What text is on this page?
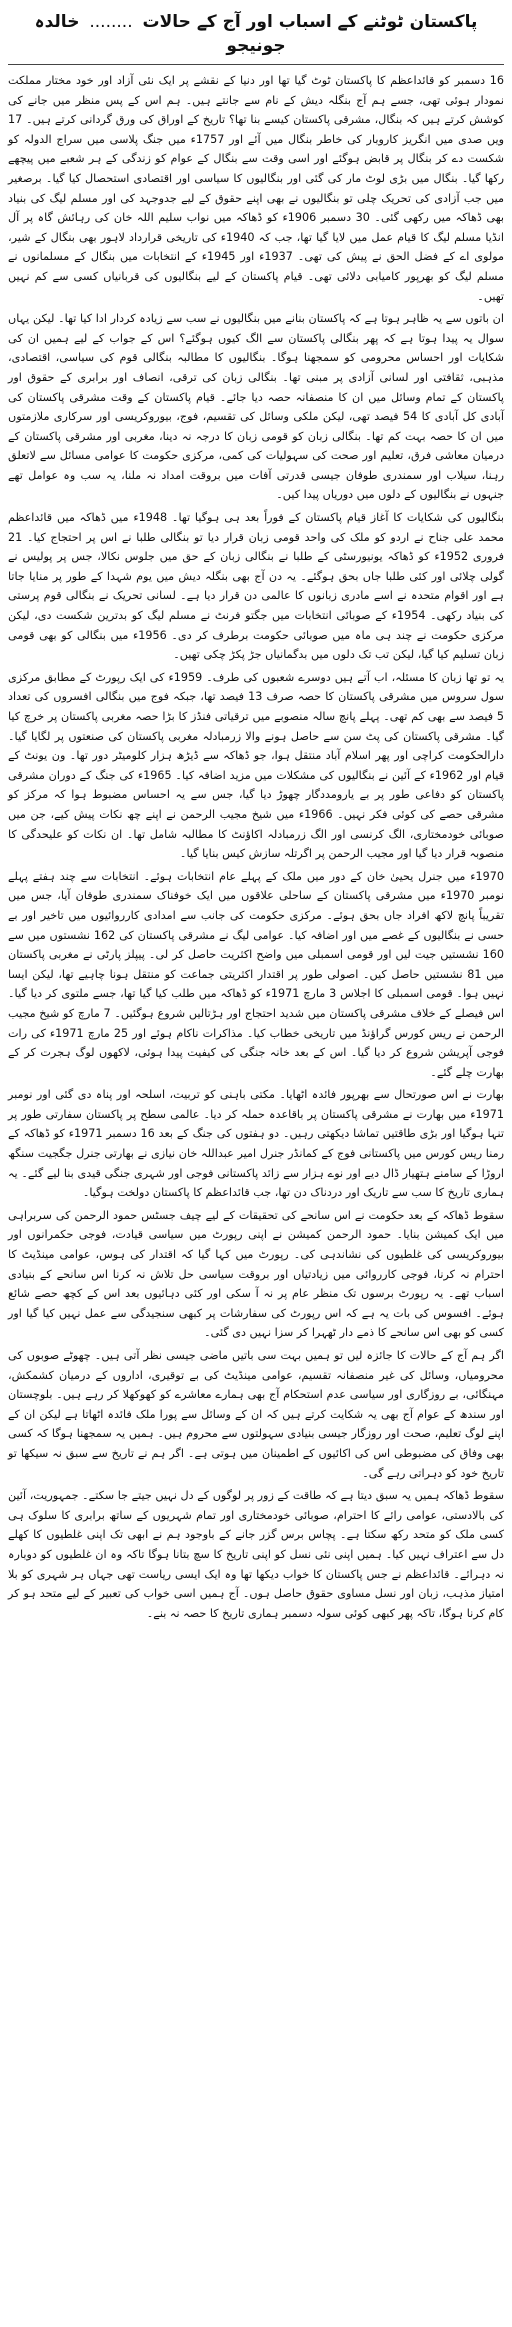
پاکستان ٹوٹنے کے اسباب اور آج کے حالات ........ خالدہ جونیجو

16 دسمبر کو قائداعظم کا پاکستان ٹوٹ گیا تھا اور دنیا کے نقشے پر ایک نئی آزاد اور خود مختار مملکت نمودار ہوئی تھی، جسے ہم آج بنگلہ دیش کے نام سے جانتے ہیں۔ ہم اس کے پس منظر میں جانے کی کوشش کرتے ہیں کہ بنگال، مشرقی پاکستان کیسے بنا تھا؟ تاریخ کے اوراق کی ورق گردانی کرتے ہیں۔ 17 ویں صدی میں انگریز کاروبار کی خاطر بنگال میں آئے اور 1757ء میں جنگ پلاسی میں سراج الدولہ کو شکست دے کر بنگال پر قابض ہوگئے اور اسی وقت سے بنگال کے عوام کو زندگی کے ہر شعبے میں پیچھے رکھا گیا۔ بنگال میں بڑی لوٹ مار کی گئی اور بنگالیوں کا سیاسی اور اقتصادی استحصال کیا گیا۔ برصغیر میں جب آزادی کی تحریک چلی تو بنگالیوں نے بھی اپنے حقوق کے لیے جدوجہد کی اور مسلم لیگ کی بنیاد بھی ڈھاکہ میں رکھی گئی۔ 30 دسمبر 1906ء کو ڈھاکہ میں نواب سلیم اللہ خان کی رہائش گاہ پر آل انڈیا مسلم لیگ کا قیام عمل میں لایا گیا تھا، جب کہ 1940ء کی تاریخی قرارداد لاہور بھی بنگال کے شیر، مولوی اے کے فضل الحق نے پیش کی تھی۔ 1937ء اور 1945ء کے انتخابات میں بنگال کے مسلمانوں نے مسلم لیگ کو بھرپور کامیابی دلائی تھی۔ قیام پاکستان کے لیے بنگالیوں کی قربانیاں کسی سے کم نہیں تھیں۔

ان باتوں سے یہ ظاہر ہوتا ہے کہ پاکستان بنانے میں بنگالیوں نے سب سے زیادہ کردار ادا کیا تھا۔ لیکن یہاں سوال یہ پیدا ہوتا ہے کہ پھر بنگالی پاکستان سے الگ کیوں ہوگئے؟ اس کے جواب کے لیے ہمیں ان کی شکایات اور احساس محرومی کو سمجھنا ہوگا۔ بنگالیوں کا مطالبہ بنگالی قوم کی سیاسی، اقتصادی، مذہبی، ثقافتی اور لسانی آزادی پر مبنی تھا۔ بنگالی زبان کی ترقی، انصاف اور برابری کے حقوق اور پاکستان کے تمام وسائل میں ان کا منصفانہ حصہ دیا جائے۔ قیام پاکستان کے وقت مشرقی پاکستان کی آبادی کل آبادی کا 54 فیصد تھی، لیکن ملکی وسائل کی تقسیم، فوج، بیوروکریسی اور سرکاری ملازمتوں میں ان کا حصہ بہت کم تھا۔ بنگالی زبان کو قومی زبان کا درجہ نہ دینا، مغربی اور مشرقی پاکستان کے درمیان معاشی فرق، تعلیم اور صحت کی سہولیات کی کمی، مرکزی حکومت کا عوامی مسائل سے لاتعلق رہنا، سیلاب اور سمندری طوفان جیسی قدرتی آفات میں بروقت امداد نہ ملنا، یہ سب وہ عوامل تھے جنہوں نے بنگالیوں کے دلوں میں دوریاں پیدا کیں۔

بنگالیوں کی شکایات کا آغاز قیام پاکستان کے فوراً بعد ہی ہوگیا تھا۔ 1948ء میں ڈھاکہ میں قائداعظم محمد علی جناح نے اردو کو ملک کی واحد قومی زبان قرار دیا تو بنگالی طلبا نے اس پر احتجاج کیا۔ 21 فروری 1952ء کو ڈھاکہ یونیورسٹی کے طلبا نے بنگالی زبان کے حق میں جلوس نکالا، جس پر پولیس نے گولی چلائی اور کئی طلبا جاں بحق ہوگئے۔ یہ دن آج بھی بنگلہ دیش میں یوم شہدا کے طور پر منایا جاتا ہے اور اقوام متحدہ نے اسے مادری زبانوں کا عالمی دن قرار دیا ہے۔ لسانی تحریک نے بنگالی قوم پرستی کی بنیاد رکھی۔ 1954ء کے صوبائی انتخابات میں جگتو فرنٹ نے مسلم لیگ کو بدترین شکست دی، لیکن مرکزی حکومت نے چند ہی ماہ میں صوبائی حکومت برطرف کر دی۔ 1956ء میں بنگالی کو بھی قومی زبان تسلیم کیا گیا، لیکن تب تک دلوں میں بدگمانیاں جڑ پکڑ چکی تھیں۔

یہ تو تھا زبان کا مسئلہ، اب آتے ہیں دوسرے شعبوں کی طرف۔ 1959ء کی ایک رپورٹ کے مطابق مرکزی سول سروس میں مشرقی پاکستان کا حصہ صرف 13 فیصد تھا، جبکہ فوج میں بنگالی افسروں کی تعداد 5 فیصد سے بھی کم تھی۔ پہلے پانچ سالہ منصوبے میں ترقیاتی فنڈز کا بڑا حصہ مغربی پاکستان پر خرچ کیا گیا۔ مشرقی پاکستان کی پٹ سن سے حاصل ہونے والا زرمبادلہ مغربی پاکستان کی صنعتوں پر لگایا گیا۔ دارالحکومت کراچی اور پھر اسلام آباد منتقل ہوا، جو ڈھاکہ سے ڈیڑھ ہزار کلومیٹر دور تھا۔ ون یونٹ کے قیام اور 1962ء کے آئین نے بنگالیوں کی مشکلات میں مزید اضافہ کیا۔ 1965ء کی جنگ کے دوران مشرقی پاکستان کو دفاعی طور پر بے یارومددگار چھوڑ دیا گیا، جس سے یہ احساس مضبوط ہوا کہ مرکز کو مشرقی حصے کی کوئی فکر نہیں۔ 1966ء میں شیخ مجیب الرحمن نے اپنے چھ نکات پیش کیے، جن میں صوبائی خودمختاری، الگ کرنسی اور الگ زرمبادلہ اکاؤنٹ کا مطالبہ شامل تھا۔ ان نکات کو علیحدگی کا منصوبہ قرار دیا گیا اور مجیب الرحمن پر اگرتلہ سازش کیس بنایا گیا۔

1970ء میں جنرل یحییٰ خان کے دور میں ملک کے پہلے عام انتخابات ہوئے۔ انتخابات سے چند ہفتے پہلے نومبر 1970ء میں مشرقی پاکستان کے ساحلی علاقوں میں ایک خوفناک سمندری طوفان آیا، جس میں تقریباً پانچ لاکھ افراد جاں بحق ہوئے۔ مرکزی حکومت کی جانب سے امدادی کارروائیوں میں تاخیر اور بے حسی نے بنگالیوں کے غصے میں اور اضافہ کیا۔ عوامی لیگ نے مشرقی پاکستان کی 162 نشستوں میں سے 160 نشستیں جیت لیں اور قومی اسمبلی میں واضح اکثریت حاصل کر لی۔ پیپلز پارٹی نے مغربی پاکستان میں 81 نشستیں حاصل کیں۔ اصولی طور پر اقتدار اکثریتی جماعت کو منتقل ہونا چاہیے تھا، لیکن ایسا نہیں ہوا۔ قومی اسمبلی کا اجلاس 3 مارچ 1971ء کو ڈھاکہ میں طلب کیا گیا تھا، جسے ملتوی کر دیا گیا۔ اس فیصلے کے خلاف مشرقی پاکستان میں شدید احتجاج اور ہڑتالیں شروع ہوگئیں۔ 7 مارچ کو شیخ مجیب الرحمن نے ریس کورس گراؤنڈ میں تاریخی خطاب کیا۔ مذاکرات ناکام ہوئے اور 25 مارچ 1971ء کی رات فوجی آپریشن شروع کر دیا گیا۔ اس کے بعد خانہ جنگی کی کیفیت پیدا ہوئی، لاکھوں لوگ ہجرت کر کے بھارت چلے گئے۔

بھارت نے اس صورتحال سے بھرپور فائدہ اٹھایا۔ مکتی باہنی کو تربیت، اسلحہ اور پناہ دی گئی اور نومبر 1971ء میں بھارت نے مشرقی پاکستان پر باقاعدہ حملہ کر دیا۔ عالمی سطح پر پاکستان سفارتی طور پر تنہا ہوگیا اور بڑی طاقتیں تماشا دیکھتی رہیں۔ دو ہفتوں کی جنگ کے بعد 16 دسمبر 1971ء کو ڈھاکہ کے رمنا ریس کورس میں پاکستانی فوج کے کمانڈر جنرل امیر عبداللہ خان نیازی نے بھارتی جنرل جگجیت سنگھ اروڑا کے سامنے ہتھیار ڈال دیے اور نوے ہزار سے زائد پاکستانی فوجی اور شہری جنگی قیدی بنا لیے گئے۔ یہ ہماری تاریخ کا سب سے تاریک اور دردناک دن تھا، جب قائداعظم کا پاکستان دولخت ہوگیا۔

سقوط ڈھاکہ کے بعد حکومت نے اس سانحے کی تحقیقات کے لیے چیف جسٹس حمود الرحمن کی سربراہی میں ایک کمیشن بنایا۔ حمود الرحمن کمیشن نے اپنی رپورٹ میں سیاسی قیادت، فوجی حکمرانوں اور بیوروکریسی کی غلطیوں کی نشاندہی کی۔ رپورٹ میں کہا گیا کہ اقتدار کی ہوس، عوامی مینڈیٹ کا احترام نہ کرنا، فوجی کارروائی میں زیادتیاں اور بروقت سیاسی حل تلاش نہ کرنا اس سانحے کے بنیادی اسباب تھے۔ یہ رپورٹ برسوں تک منظر عام پر نہ آ سکی اور کئی دہائیوں بعد اس کے کچھ حصے شائع ہوئے۔ افسوس کی بات یہ ہے کہ اس رپورٹ کی سفارشات پر کبھی سنجیدگی سے عمل نہیں کیا گیا اور کسی کو بھی اس سانحے کا ذمے دار ٹھہرا کر سزا نہیں دی گئی۔

اگر ہم آج کے حالات کا جائزہ لیں تو ہمیں بہت سی باتیں ماضی جیسی نظر آتی ہیں۔ چھوٹے صوبوں کی محرومیاں، وسائل کی غیر منصفانہ تقسیم، عوامی مینڈیٹ کی بے توقیری، ادارو‌ں کے درمیان کشمکش، مہنگائی، بے روزگاری اور سیاسی عدم استحکام آج بھی ہمارے معاشرے کو کھوکھلا کر رہے ہیں۔ بلوچستان اور سندھ کے عوام آج بھی یہ شکایت کرتے ہیں کہ ان کے وسائل سے پورا ملک فائدہ اٹھاتا ہے لیکن ان کے اپنے لوگ تعلیم، صحت اور روزگار جیسی بنیادی سہولتوں سے محروم ہیں۔ ہمیں یہ سمجھنا ہوگا کہ کسی بھی وفاق کی مضبوطی اس کی اکائیوں کے اطمینان میں ہوتی ہے۔ اگر ہم نے تاریخ سے سبق نہ سیکھا تو تاریخ خود کو دہراتی رہے گی۔

سقوط ڈھاکہ ہمیں یہ سبق دیتا ہے کہ طاقت کے زور پر لوگوں کے دل نہیں جیتے جا سکتے۔ جمہوریت، آئین کی بالادستی، عوامی رائے کا احترام، صوبائی خودمختاری اور تمام شہریوں کے ساتھ برابری کا سلوک ہی کسی ملک کو متحد رکھ سکتا ہے۔ پچاس برس گزر جانے کے باوجود ہم نے ابھی تک اپنی غلطیوں کا کھلے دل سے اعتراف نہیں کیا۔ ہمیں اپنی نئی نسل کو اپنی تاریخ کا سچ بتانا ہوگا تاکہ وہ ان غلطیوں کو دوبارہ نہ دہرائے۔ قائداعظم نے جس پاکستان کا خواب دیکھا تھا وہ ایک ایسی ریاست تھی جہاں ہر شہری کو بلا امتیاز مذہب، زبان اور نسل مساوی حقوق حاصل ہوں۔ آج ہمیں اسی خواب کی تعبیر کے لیے متحد ہو کر کام کرنا ہوگا، تاکہ پھر کبھی کوئی سولہ دسمبر ہماری تاریخ کا حصہ نہ بنے۔
